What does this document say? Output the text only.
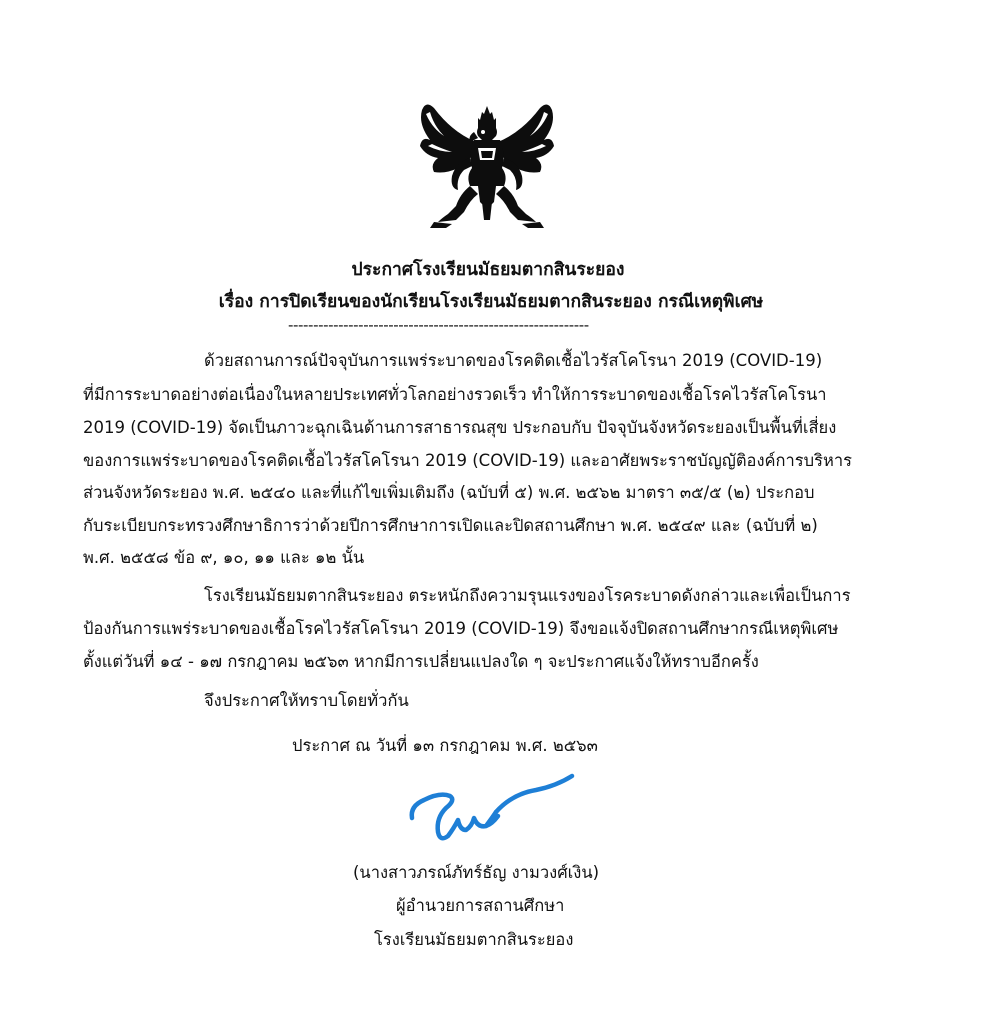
ประกาศโรงเรียนมัธยมตากสินระยอง
เรื่อง การปิดเรียนของนักเรียนโรงเรียนมัธยมตากสินระยอง กรณีเหตุพิเศษ
------------------------------------------------------------
ด้วยสถานการณ์ปัจจุบันการแพร่ระบาดของโรคติดเชื้อไวรัสโคโรนา 2019 (COVID-19)
ที่มีการระบาดอย่างต่อเนื่องในหลายประเทศทั่วโลกอย่างรวดเร็ว ทำให้การระบาดของเชื้อโรคไวรัสโคโรนา
2019 (COVID-19) จัดเป็นภาวะฉุกเฉินด้านการสาธารณสุข ประกอบกับ ปัจจุบันจังหวัดระยองเป็นพื้นที่เสี่ยง
ของการแพร่ระบาดของโรคติดเชื้อไวรัสโคโรนา 2019 (COVID-19) และอาศัยพระราชบัญญัติองค์การบริหาร
ส่วนจังหวัดระยอง พ.ศ. ๒๕๔๐ และที่แก้ไขเพิ่มเติมถึง (ฉบับที่ ๕) พ.ศ. ๒๕๖๒ มาตรา ๓๕/๕ (๒) ประกอบ
กับระเบียบกระทรวงศึกษาธิการว่าด้วยปีการศึกษาการเปิดและปิดสถานศึกษา พ.ศ. ๒๕๔๙ และ (ฉบับที่ ๒)
พ.ศ. ๒๕๕๘ ข้อ ๙, ๑๐, ๑๑ และ ๑๒ นั้น
โรงเรียนมัธยมตากสินระยอง ตระหนักถึงความรุนแรงของโรคระบาดดังกล่าวและเพื่อเป็นการ
ป้องกันการแพร่ระบาดของเชื้อโรคไวรัสโคโรนา 2019 (COVID-19) จึงขอแจ้งปิดสถานศึกษากรณีเหตุพิเศษ
ตั้งแต่วันที่ ๑๔ - ๑๗ กรกฎาคม ๒๕๖๓ หากมีการเปลี่ยนแปลงใด ๆ จะประกาศแจ้งให้ทราบอีกครั้ง
จึงประกาศให้ทราบโดยทั่วกัน
ประกาศ ณ วันที่ ๑๓ กรกฎาคม พ.ศ. ๒๕๖๓
(นางสาวภรณ์ภัทร์ธัญ งามวงศ์เงิน)
ผู้อำนวยการสถานศึกษา
โรงเรียนมัธยมตากสินระยอง
